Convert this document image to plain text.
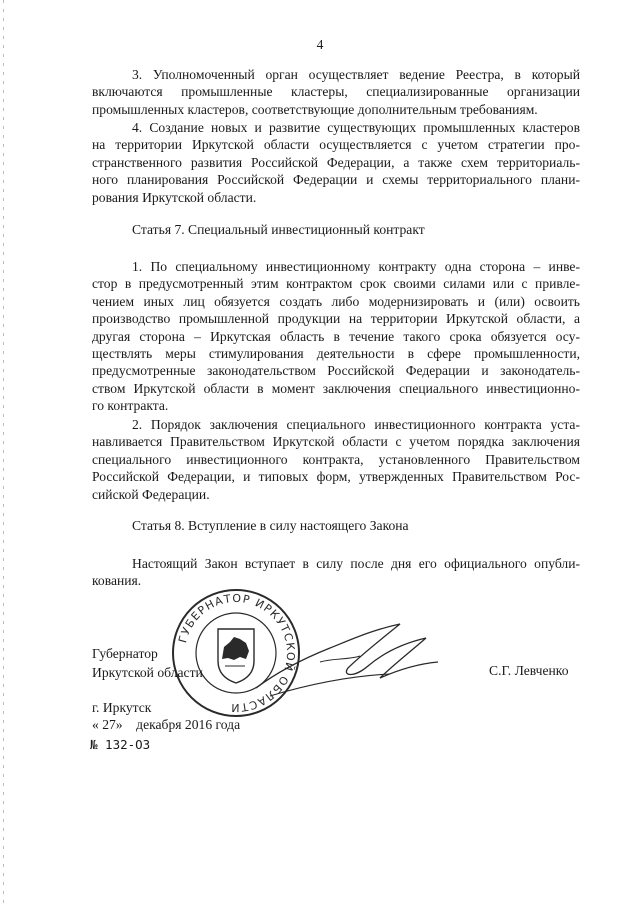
4
3. Уполномоченный орган осуществляет ведение Реестра, в который
включаются промышленные кластеры, специализированные организации
промышленных кластеров, соответствующие дополнительным требованиям.
4. Создание новых и развитие существующих промышленных кластеров
на территории Иркутской области осуществляется с учетом стратегии про-
странственного развития Российской Федерации, а также схем территориаль-
ного планирования Российской Федерации и схемы территориального плани-
рования Иркутской области.
Статья 7. Специальный инвестиционный контракт
1. По специальному инвестиционному контракту одна сторона – инве-
стор в предусмотренный этим контрактом срок своими силами или с привле-
чением иных лиц обязуется создать либо модернизировать и (или) освоить
производство промышленной продукции на территории Иркутской области, а
другая сторона – Иркутская область в течение такого срока обязуется осу-
ществлять меры стимулирования деятельности в сфере промышленности,
предусмотренные законодательством Российской Федерации и законодатель-
ством Иркутской области в момент заключения специального инвестиционно-
го контракта.
2. Порядок заключения специального инвестиционного контракта уста-
навливается Правительством Иркутской области с учетом порядка заключения
специального инвестиционного контракта, установленного Правительством
Российской Федерации, и типовых форм, утвержденных Правительством Рос-
сийской Федерации.
Статья 8. Вступление в силу настоящего Закона
Настоящий Закон вступает в силу после дня его официального опубли-
кования.
ГУБЕРНАТОР ИРКУТСКОЙ ОБЛАСТИ
Губернатор
Иркутской области	С.Г. Левченко
г. Иркутск
« 27»    декабря 2016 года
№ 132-ОЗ
